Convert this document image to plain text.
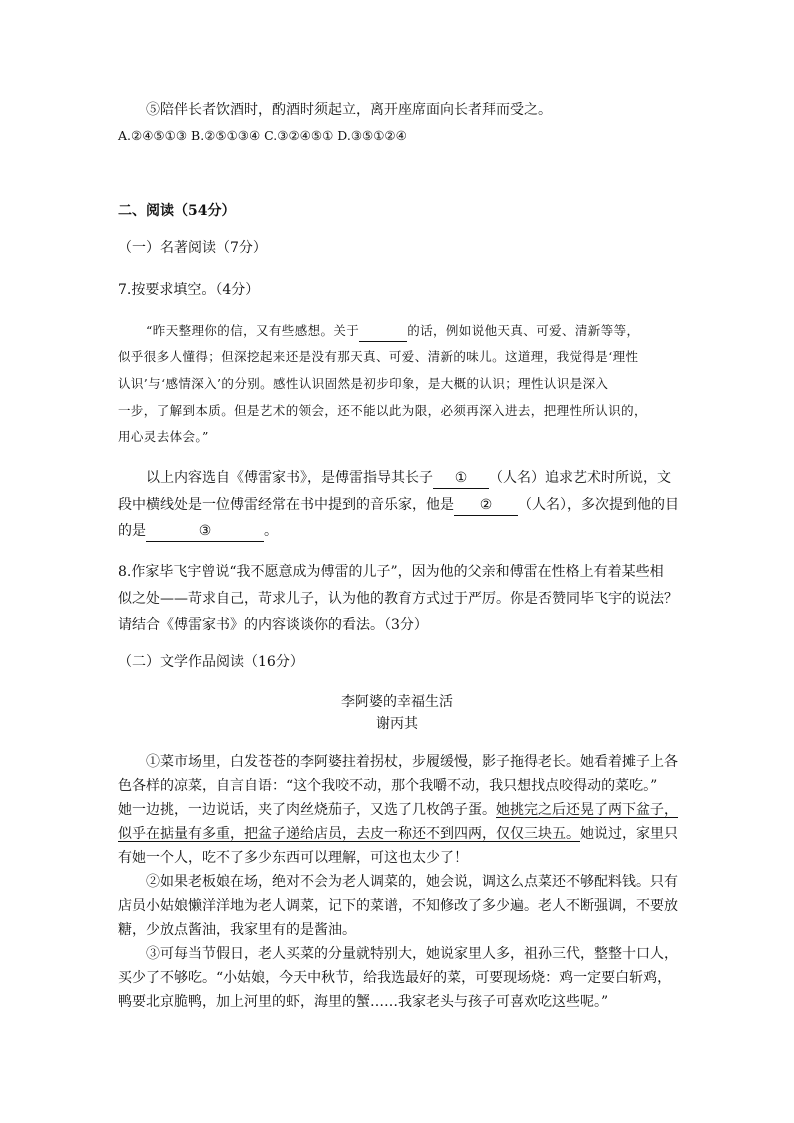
⑤陪伴长者饮酒时，酌酒时须起立，离开座席面向长者拜而受之。
A.②④⑤①③ B.②⑤①③④ C.③②④⑤① D.③⑤①②④
二、阅读（54分）
（一）名著阅读（7分）
7.按要求填空。（4分）
“昨天整理你的信，又有些感想。关于	的话，例如说他天真、可爱、清新等等，
似乎很多人懂得；但深挖起来还是没有那天真、可爱、清新的味儿。这道理，我觉得是‘理性
认识’与‘感情深入’的分别。感性认识固然是初步印象，是大概的认识；理性认识是深入
一步，了解到本质。但是艺术的领会，还不能以此为限，必须再深入进去，把理性所认识的，
用心灵去体会。”
以上内容选自《傅雷家书》，是傅雷指导其长子 ① （人名）追求艺术时所说，文
段中横线处是一位傅雷经常在书中提到的音乐家，他是 ② （人名），多次提到他的目
的是	③	。
8.作家毕飞宇曾说“我不愿意成为傅雷的儿子”，因为他的父亲和傅雷在性格上有着某些相
似之处——苛求自己，苛求儿子，认为他的教育方式过于严厉。你是否赞同毕飞宇的说法？
请结合《傅雷家书》的内容谈谈你的看法。（3分）
（二）文学作品阅读（16分）
李阿婆的幸福生活
谢丙其
①菜市场里，白发苍苍的李阿婆拄着拐杖，步履缓慢，影子拖得老长。她看着摊子上各
色各样的凉菜，自言自语：“这个我咬不动，那个我嚼不动，我只想找点咬得动的菜吃。”
她一边挑，一边说话，夹了肉丝烧茄子，又选了几枚鸽子蛋。她挑完之后还晃了两下盆子，
似乎在掂量有多重，把盆子递给店员，去皮一称还不到四两，仅仅三块五。她说过，家里只
有她一个人，吃不了多少东西可以理解，可这也太少了！
②如果老板娘在场，绝对不会为老人调菜的，她会说，调这么点菜还不够配料钱。只有
店员小姑娘懒洋洋地为老人调菜，记下的菜谱，不知修改了多少遍。老人不断强调，不要放
糖，少放点酱油，我家里有的是酱油。
③可每当节假日，老人买菜的分量就特别大，她说家里人多，祖孙三代，整整十口人，
买少了不够吃。“小姑娘，今天中秋节，给我选最好的菜，可要现场烧：鸡一定要白斩鸡，
鸭要北京脆鸭，加上河里的虾，海里的蟹……我家老头与孩子可喜欢吃这些呢。”
